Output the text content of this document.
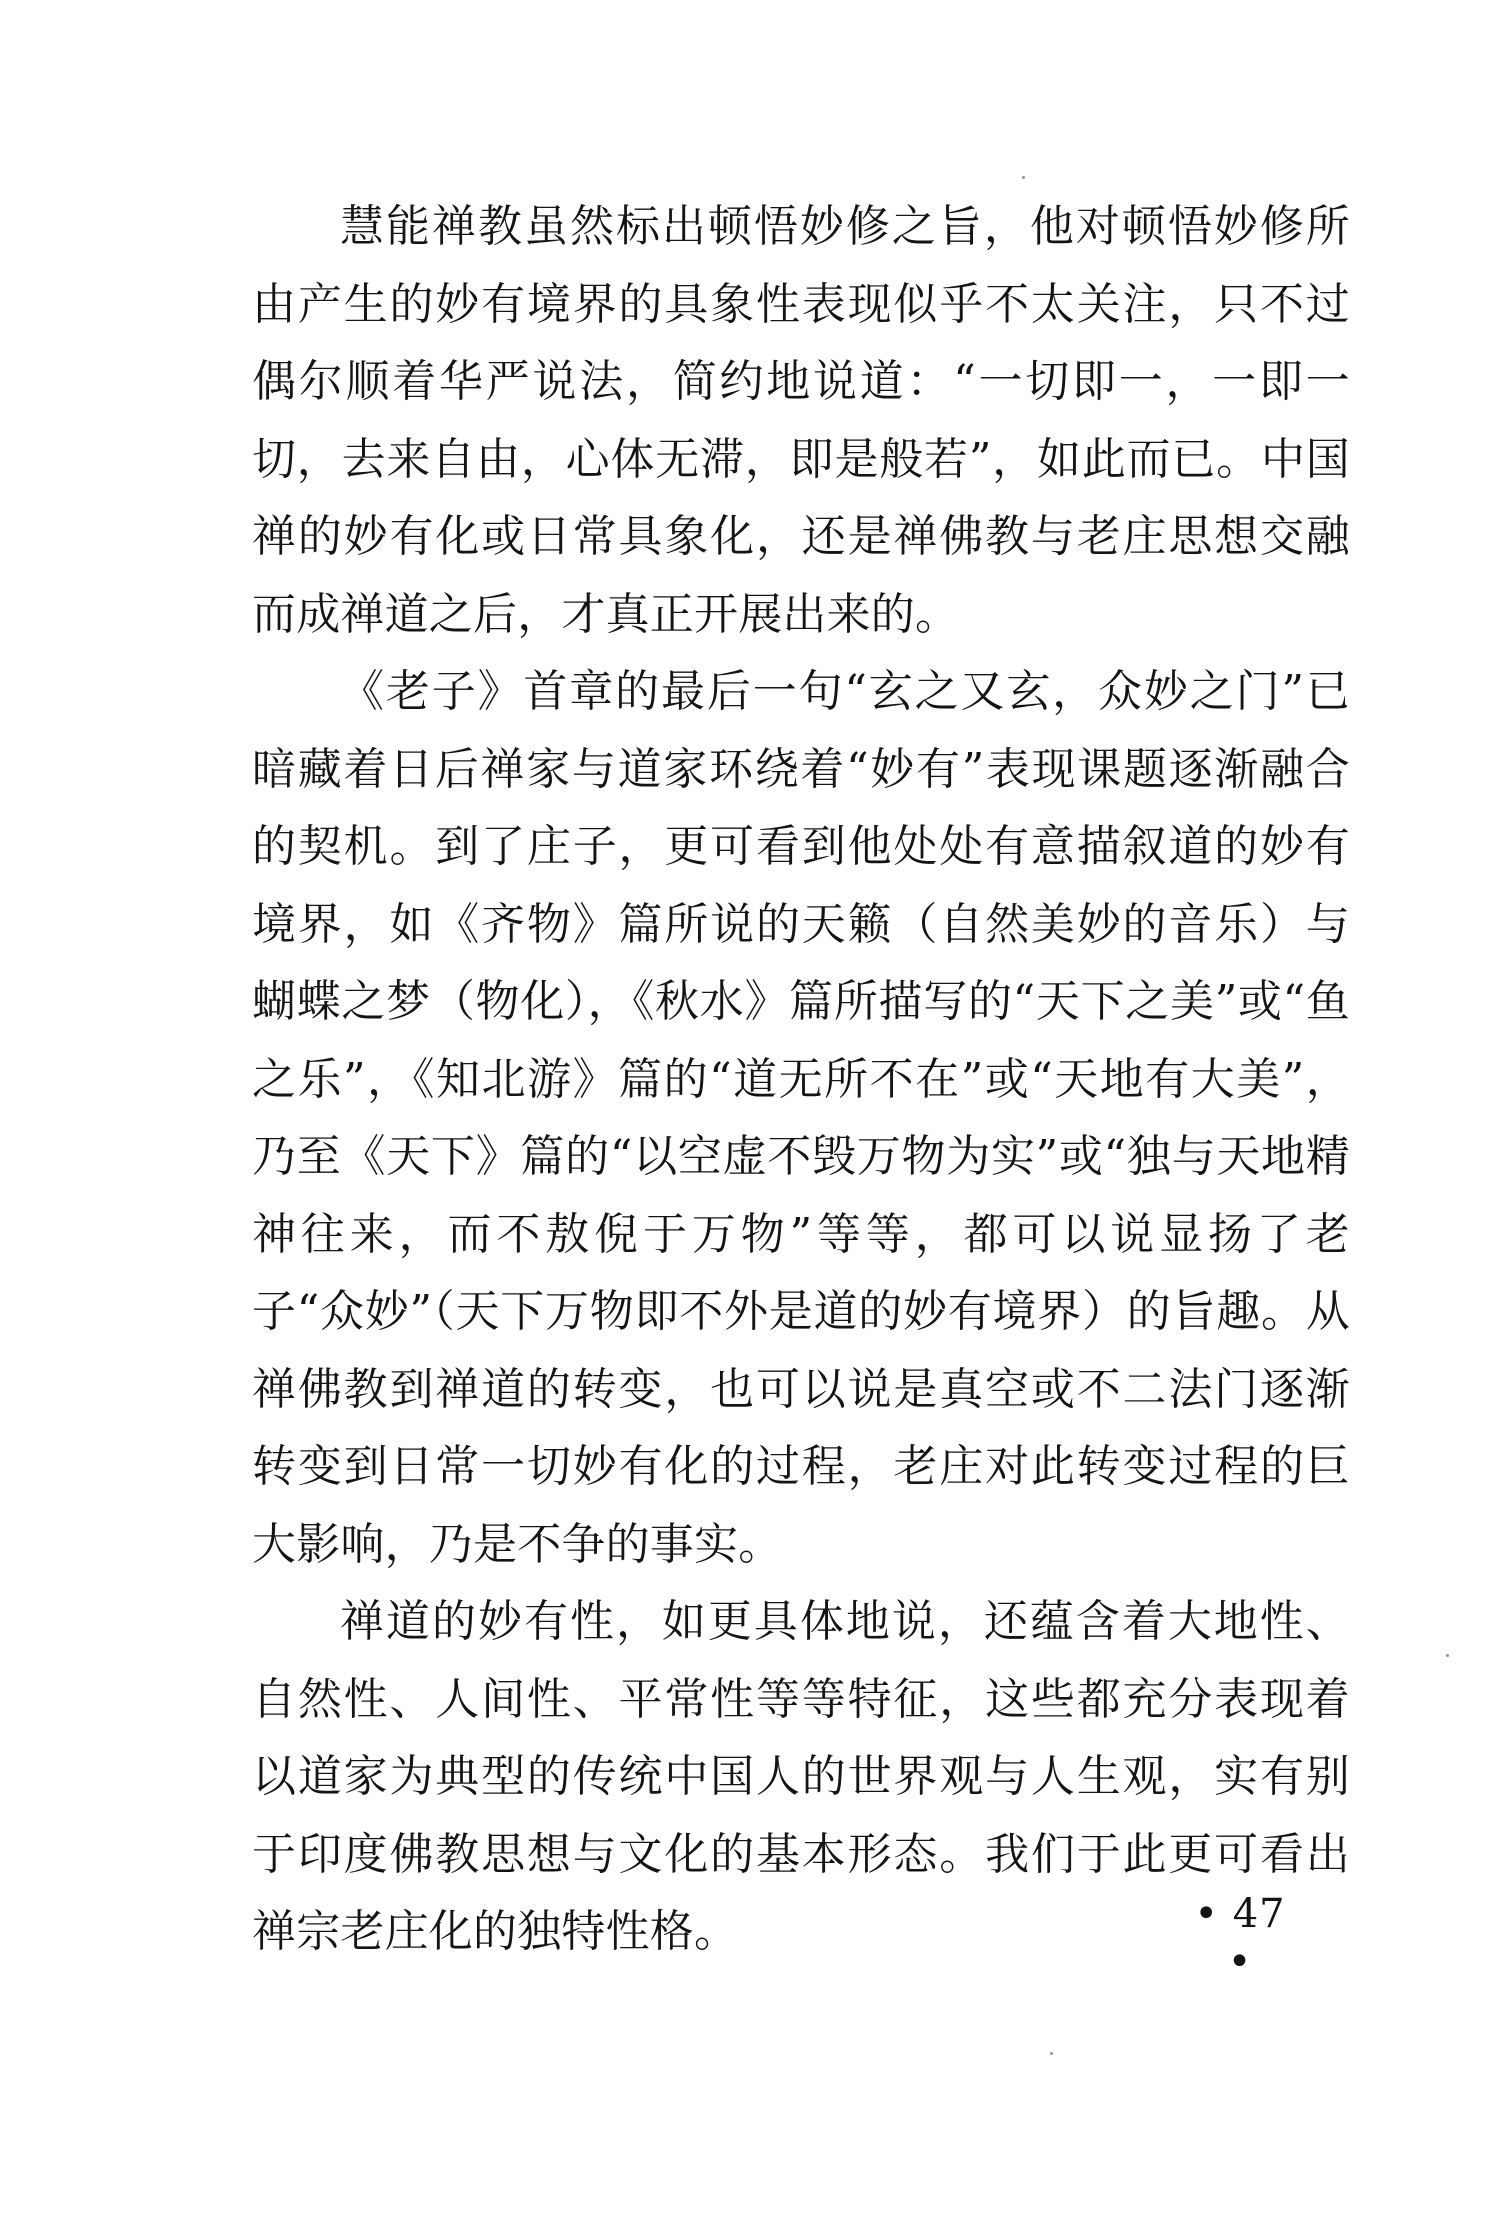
慧能禅教虽然标出顿悟妙修之旨，他对顿悟妙修所由产生的妙有境界的具象性表现似乎不太关注，只不过偶尔顺着华严说法，简约地说道：“一切即一，一即一切，去来自由，心体无滞，即是般若”，如此而已。中国禅的妙有化或日常具象化，还是禅佛教与老庄思想交融而成禅道之后，才真正开展出来的。

《老子》首章的最后一句“玄之又玄，众妙之门”已暗藏着日后禅家与道家环绕着“妙有”表现课题逐渐融合的契机。到了庄子，更可看到他处处有意描叙道的妙有境界，如《齐物》篇所说的天籁（自然美妙的音乐）与蝴蝶之梦（物化），《秋水》篇所描写的“天下之美”或“鱼之乐”，《知北游》篇的“道无所不在”或“天地有大美”，乃至《天下》篇的“以空虚不毁万物为实”或“独与天地精神往来，而不敖倪于万物”等等，都可以说显扬了老子“众妙”（天下万物即不外是道的妙有境界）的旨趣。从禅佛教到禅道的转变，也可以说是真空或不二法门逐渐转变到日常一切妙有化的过程，老庄对此转变过程的巨大影响，乃是不争的事实。

禅道的妙有性，如更具体地说，还蕴含着大地性、自然性、人间性、平常性等等特征，这些都充分表现着以道家为典型的传统中国人的世界观与人生观，实有别于印度佛教思想与文化的基本形态。我们于此更可看出禅宗老庄化的独特性格。	• 47 •
